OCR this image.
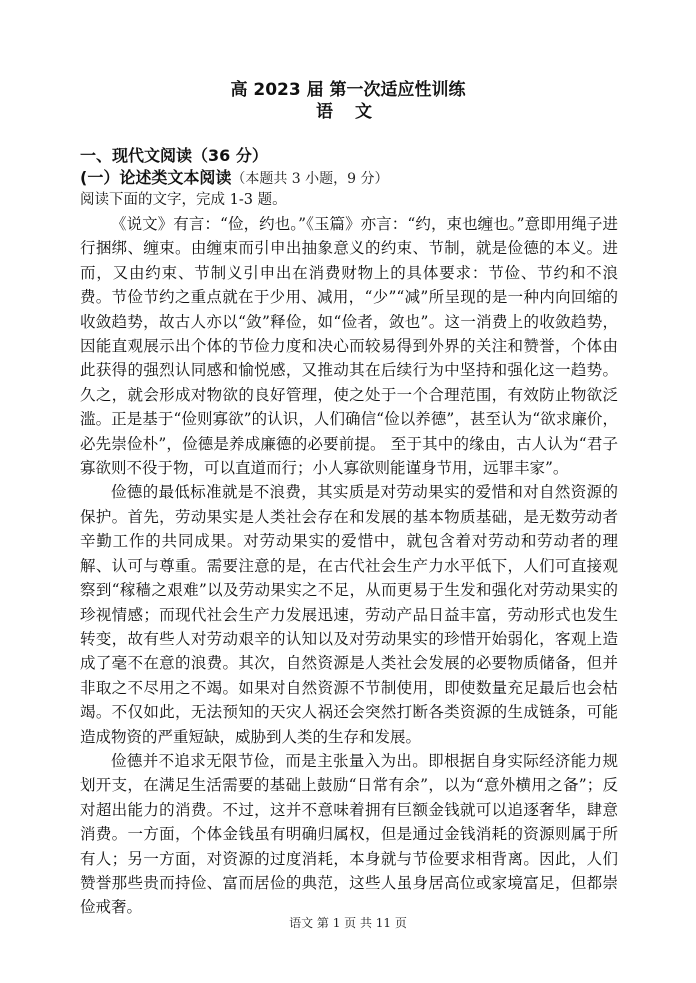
高 2023 届 第一次适应性训练
语 文
一、现代文阅读（36 分）
(一）论述类文本阅读（本题共 3 小题，9 分）
阅读下面的文字，完成 1-3 题。

《说文》有言：“俭，约也。”《玉篇》亦言：“约，束也缠也。”意即用绳子进行捆绑、缠束。由缠束而引申出抽象意义的约束、节制，就是俭德的本义。进而，又由约束、节制义引申出在消费财物上的具体要求：节俭、节约和不浪费。节俭节约之重点就在于少用、减用，“少”“减”所呈现的是一种内向回缩的收敛趋势，故古人亦以“敛”释俭，如“俭者，敛也”。这一消费上的收敛趋势，因能直观展示出个体的节俭力度和决心而较易得到外界的关注和赞誉，个体由此获得的强烈认同感和愉悦感，又推动其在后续行为中坚持和强化这一趋势。久之，就会形成对物欲的良好管理，使之处于一个合理范围，有效防止物欲泛滥。正是基于“俭则寡欲”的认识，人们确信“俭以养德”，甚至认为“欲求廉价，必先崇俭朴”，俭德是养成廉德的必要前提。 至于其中的缘由，古人认为“君子寡欲则不役于物，可以直道而行；小人寡欲则能谨身节用，远罪丰家”。

俭德的最低标准就是不浪费，其实质是对劳动果实的爱惜和对自然资源的保护。首先，劳动果实是人类社会存在和发展的基本物质基础，是无数劳动者辛勤工作的共同成果。对劳动果实的爱惜中，就包含着对劳动和劳动者的理解、认可与尊重。需要注意的是，在古代社会生产力水平低下，人们可直接观察到“稼穑之艰难”以及劳动果实之不足，从而更易于生发和强化对劳动果实的珍视情感；而现代社会生产力发展迅速，劳动产品日益丰富，劳动形式也发生转变，故有些人对劳动艰辛的认知以及对劳动果实的珍惜开始弱化，客观上造成了毫不在意的浪费。其次，自然资源是人类社会发展的必要物质储备，但并非取之不尽用之不竭。如果对自然资源不节制使用，即使数量充足最后也会枯竭。不仅如此，无法预知的天灾人祸还会突然打断各类资源的生成链条，可能造成物资的严重短缺，威胁到人类的生存和发展。

俭德并不追求无限节俭，而是主张量入为出。即根据自身实际经济能力规划开支，在满足生活需要的基础上鼓励“日常有余”，以为“意外横用之备”；反对超出能力的消费。不过，这并不意味着拥有巨额金钱就可以追逐奢华，肆意消费。一方面，个体金钱虽有明确归属权，但是通过金钱消耗的资源则属于所有人；另一方面，对资源的过度消耗，本身就与节俭要求相背离。因此，人们赞誉那些贵而持俭、富而居俭的典范，这些人虽身居高位或家境富足，但都崇俭戒奢。

语文 第 1 页 共 11 页
